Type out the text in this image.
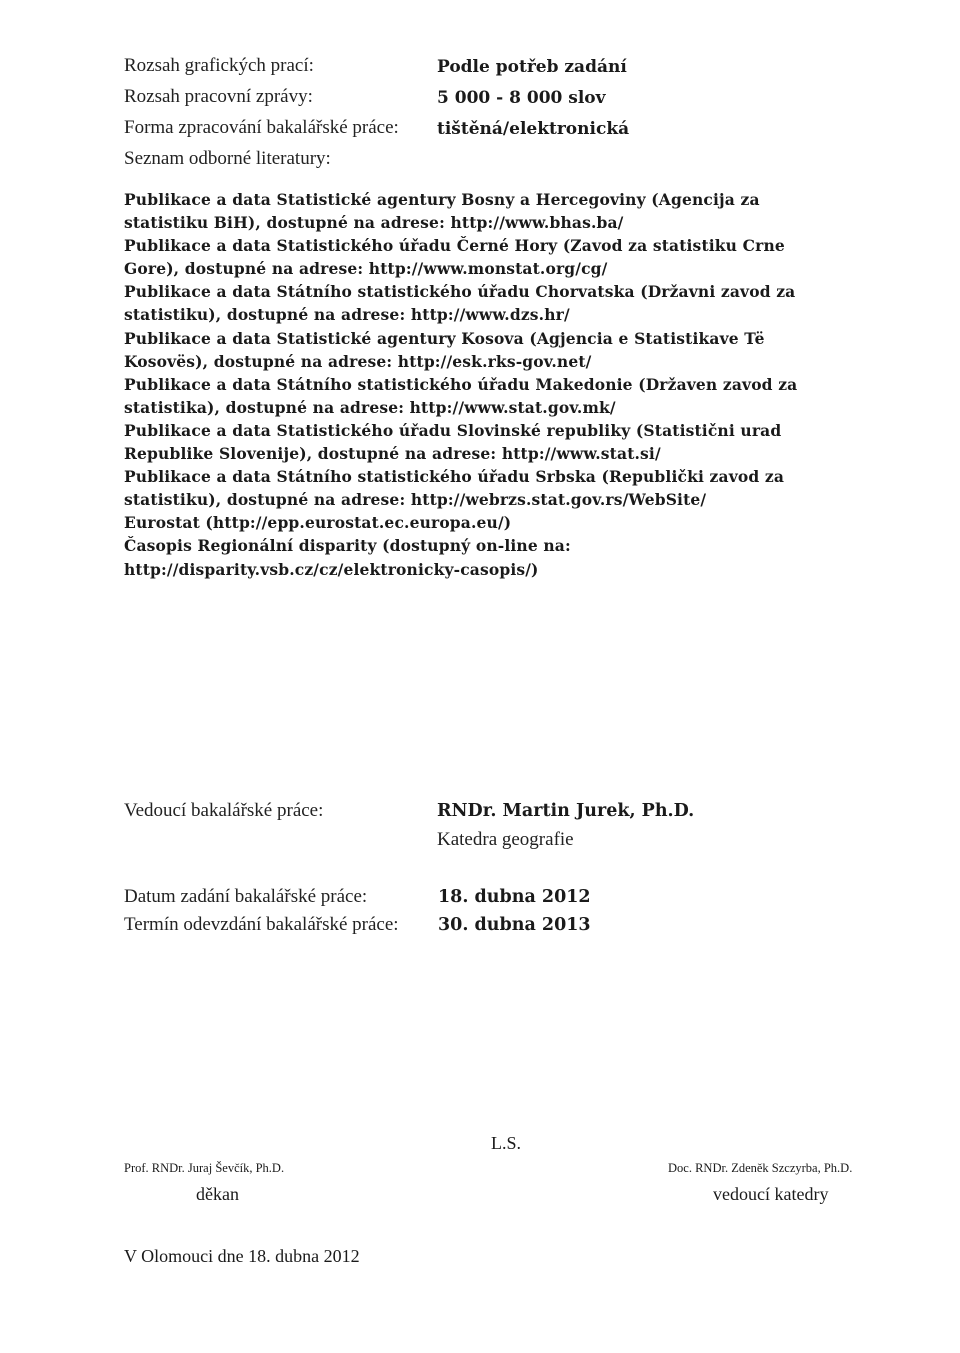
Rozsah grafických prací:	Podle potřeb zadání
Rozsah pracovní zprávy:	5 000 - 8 000 slov
Forma zpracování bakalářské práce: tištěná/elektronická
Seznam odborné literatury:
Publikace a data Statistické agentury Bosny a Hercegoviny (Agencija za
statistiku BiH), dostupné na adrese: http://www.bhas.ba/
Publikace a data Statistického úřadu Černé Hory (Zavod za statistiku Crne
Gore), dostupné na adrese: http://www.monstat.org/cg/
Publikace a data Státního statistického úřadu Chorvatska (Državni zavod za
statistiku), dostupné na adrese: http://www.dzs.hr/
Publikace a data Statistické agentury Kosova (Agjencia e Statistikave Të
Kosovës), dostupné na adrese: http://esk.rks-gov.net/
Publikace a data Státního statistického úřadu Makedonie (Državen zavod za
statistika), dostupné na adrese: http://www.stat.gov.mk/
Publikace a data Statistického úřadu Slovinské republiky (Statistični urad
Republike Slovenije), dostupné na adrese: http://www.stat.si/
Publikace a data Státního statistického úřadu Srbska (Republički zavod za
statistiku), dostupné na adrese: http://webrzs.stat.gov.rs/WebSite/
Eurostat (http://epp.eurostat.ec.europa.eu/)
Časopis Regionální disparity (dostupný on-line na:
http://disparity.vsb.cz/cz/elektronicky-casopis/)
Vedoucí bakalářské práce:	RNDr. Martin Jurek, Ph.D.
Katedra geografie
Datum zadání bakalářské práce:	18. dubna 2012
Termín odevzdání bakalářské práce: 30. dubna 2013
L.S.
Prof. RNDr. Juraj Ševčík, Ph.D.
děkan
Doc. RNDr. Zdeněk Szczyrba, Ph.D.
vedoucí katedry
V Olomouci dne 18. dubna 2012
